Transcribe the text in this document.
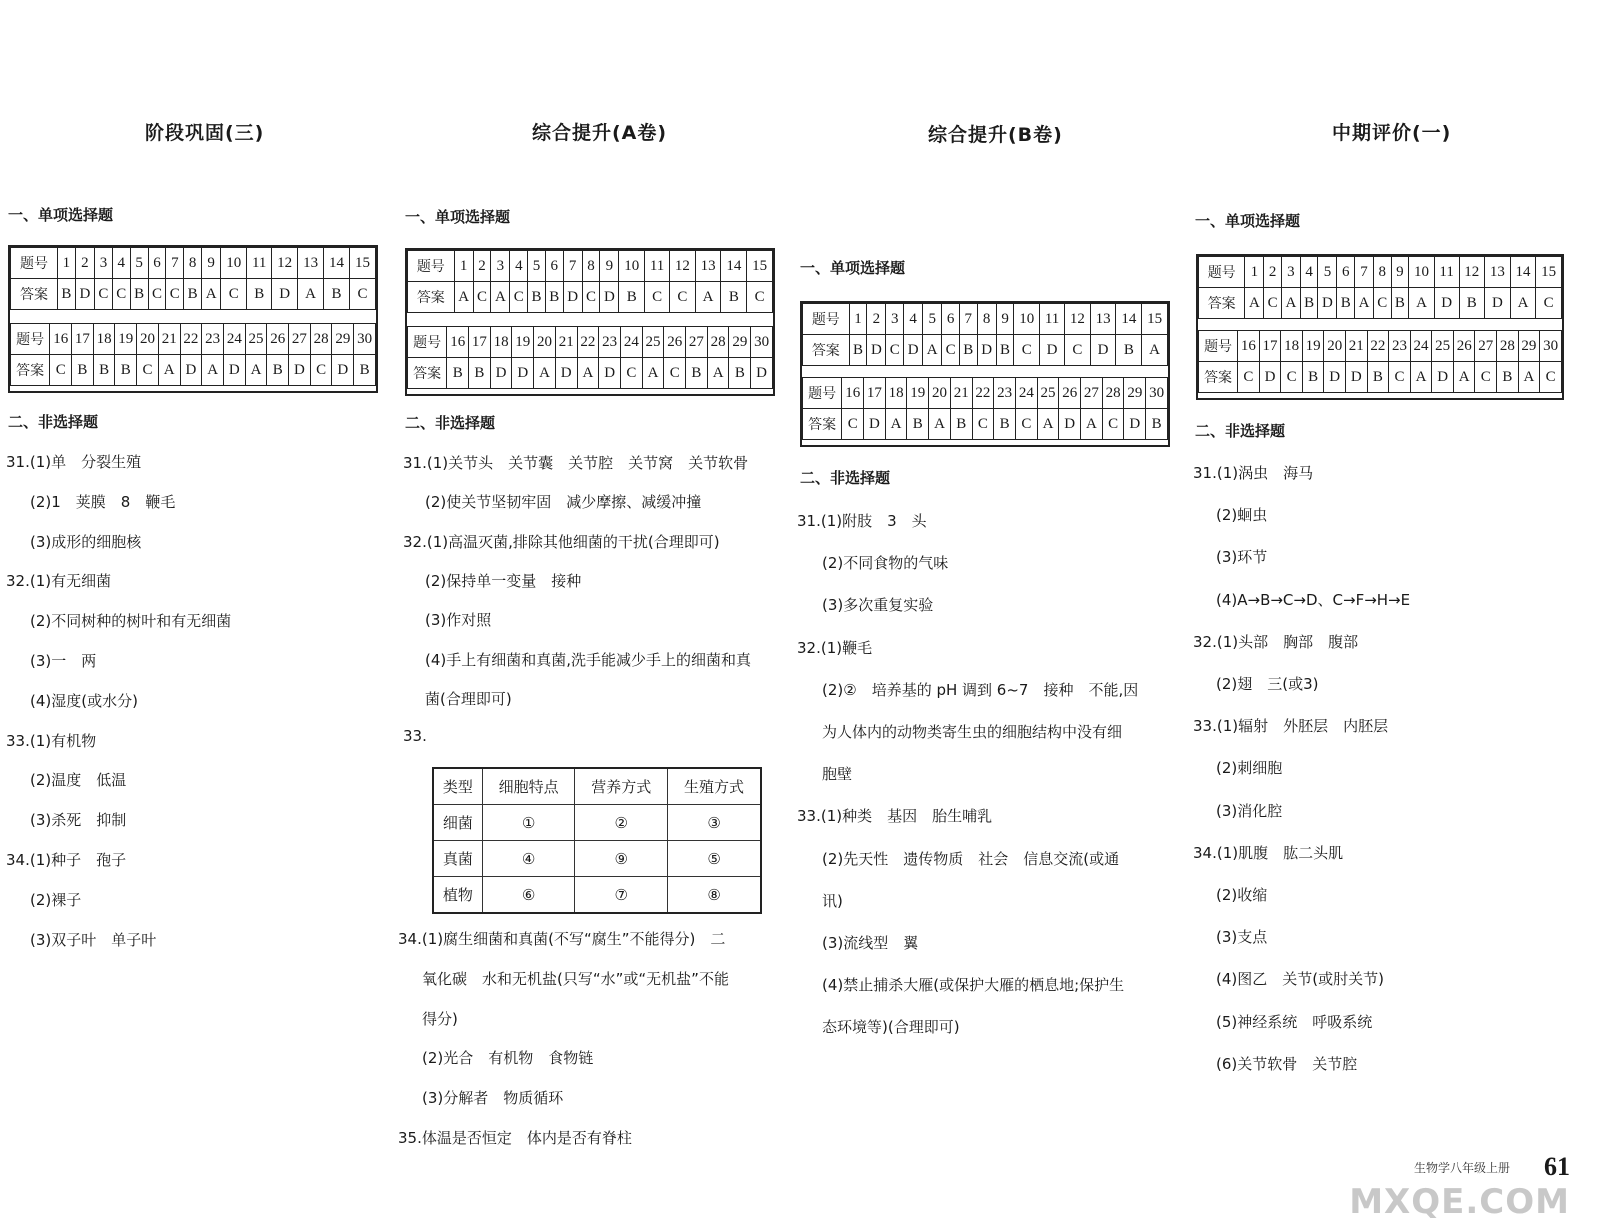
阶段巩固(三)
一、单项选择题
题号	1	2	3	4	5	6	7	8	9	10	11	12	13	14	15
答案	B	D	C	C	B	C	C	B	A	C	B	D	A	B	C
题号	16	17	18	19	20	21	22	23	24	25	26	27	28	29	30
答案	C	B	B	B	C	A	D	A	D	A	B	D	C	D	B
二、非选择题
31.(1)单　分裂生殖
(2)1　荚膜　8　鞭毛
(3)成形的细胞核
32.(1)有无细菌
(2)不同树种的树叶和有无细菌
(3)一　两
(4)湿度(或水分)
33.(1)有机物
(2)温度　低温
(3)杀死　抑制
34.(1)种子　孢子
(2)裸子
(3)双子叶　单子叶
综合提升(A卷)
一、单项选择题
题号	1	2	3	4	5	6	7	8	9	10	11	12	13	14	15
答案	A	C	A	C	B	B	D	C	D	B	C	C	A	B	C
题号	16	17	18	19	20	21	22	23	24	25	26	27	28	29	30
答案	B	B	D	D	A	D	A	D	C	A	C	B	A	B	D
二、非选择题
31.(1)关节头　关节囊　关节腔　关节窝　关节软骨
(2)使关节坚韧牢固　减少摩擦、减缓冲撞
32.(1)高温灭菌,排除其他细菌的干扰(合理即可)
(2)保持单一变量　接种
(3)作对照
(4)手上有细菌和真菌,洗手能减少手上的细菌和真
菌(合理即可)
33.
类型	细胞特点	营养方式	生殖方式
细菌	①	②	③
真菌	④	⑨	⑤
植物	⑥	⑦	⑧
34.(1)腐生细菌和真菌(不写“腐生”不能得分)　二
氧化碳　水和无机盐(只写“水”或“无机盐”不能
得分)
(2)光合　有机物　食物链
(3)分解者　物质循环
35.体温是否恒定　体内是否有脊柱
综合提升(B卷)
一、单项选择题
题号	1	2	3	4	5	6	7	8	9	10	11	12	13	14	15
答案	B	D	C	D	A	C	B	D	B	C	D	C	D	B	A
题号	16	17	18	19	20	21	22	23	24	25	26	27	28	29	30
答案	C	D	A	B	A	B	C	B	C	A	D	A	C	D	B
二、非选择题
31.(1)附肢　3　头
(2)不同食物的气味
(3)多次重复实验
32.(1)鞭毛
(2)②　培养基的 pH 调到 6~7　接种　不能,因
为人体内的动物类寄生虫的细胞结构中没有细
胞壁
33.(1)种类　基因　胎生哺乳
(2)先天性　遗传物质　社会　信息交流(或通
讯)
(3)流线型　翼
(4)禁止捕杀大雁(或保护大雁的栖息地;保护生
态环境等)(合理即可)
中期评价(一)
一、单项选择题
题号	1	2	3	4	5	6	7	8	9	10	11	12	13	14	15
答案	A	C	A	B	D	B	A	C	B	A	D	B	D	A	C
题号	16	17	18	19	20	21	22	23	24	25	26	27	28	29	30
答案	C	D	C	B	D	D	B	C	A	D	A	C	B	A	C
二、非选择题
31.(1)涡虫　海马
(2)蛔虫
(3)环节
(4)A→B→C→D、C→F→H→E
32.(1)头部　胸部　腹部
(2)翅　三(或3)
33.(1)辐射　外胚层　内胚层
(2)刺细胞
(3)消化腔
34.(1)肌腹　肱二头肌
(2)收缩
(3)支点
(4)图乙　关节(或肘关节)
(5)神经系统　呼吸系统
(6)关节软骨　关节腔
生物学八年级上册 61
MXQE.COM
